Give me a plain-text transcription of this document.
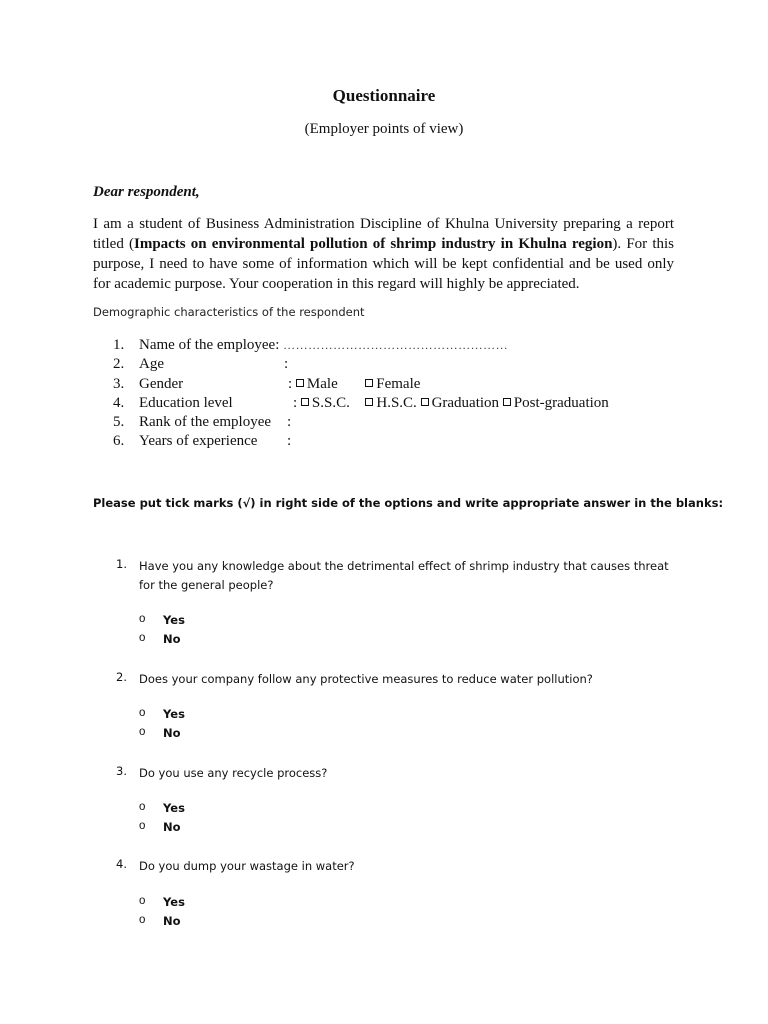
Questionnaire
(Employer points of view)
Dear respondent,
I am a student of Business Administration Discipline of Khulna University preparing a report titled (Impacts on environmental pollution of shrimp industry in Khulna region). For this purpose, I need to have some of information which will be kept confidential and be used only for academic purpose. Your cooperation in this regard will highly be appreciated.
Demographic characteristics of the respondent
1. Name of the employee: ………………………………………………
2. Age	:
3. Gender	: Male	Female
4. Education level	: S.S.C. H.S.C. Graduation Post-graduation
5. Rank of the employee :
6. Years of experience :
Please put tick marks (√) in right side of the options and write appropriate answer in the blanks:
1. Have you any knowledge about the detrimental effect of shrimp industry that causes threat for the general people?
o Yes
o No
2. Does your company follow any protective measures to reduce water pollution?
o Yes
o No
3. Do you use any recycle process?
o Yes
o No
4. Do you dump your wastage in water?
o Yes
o No
